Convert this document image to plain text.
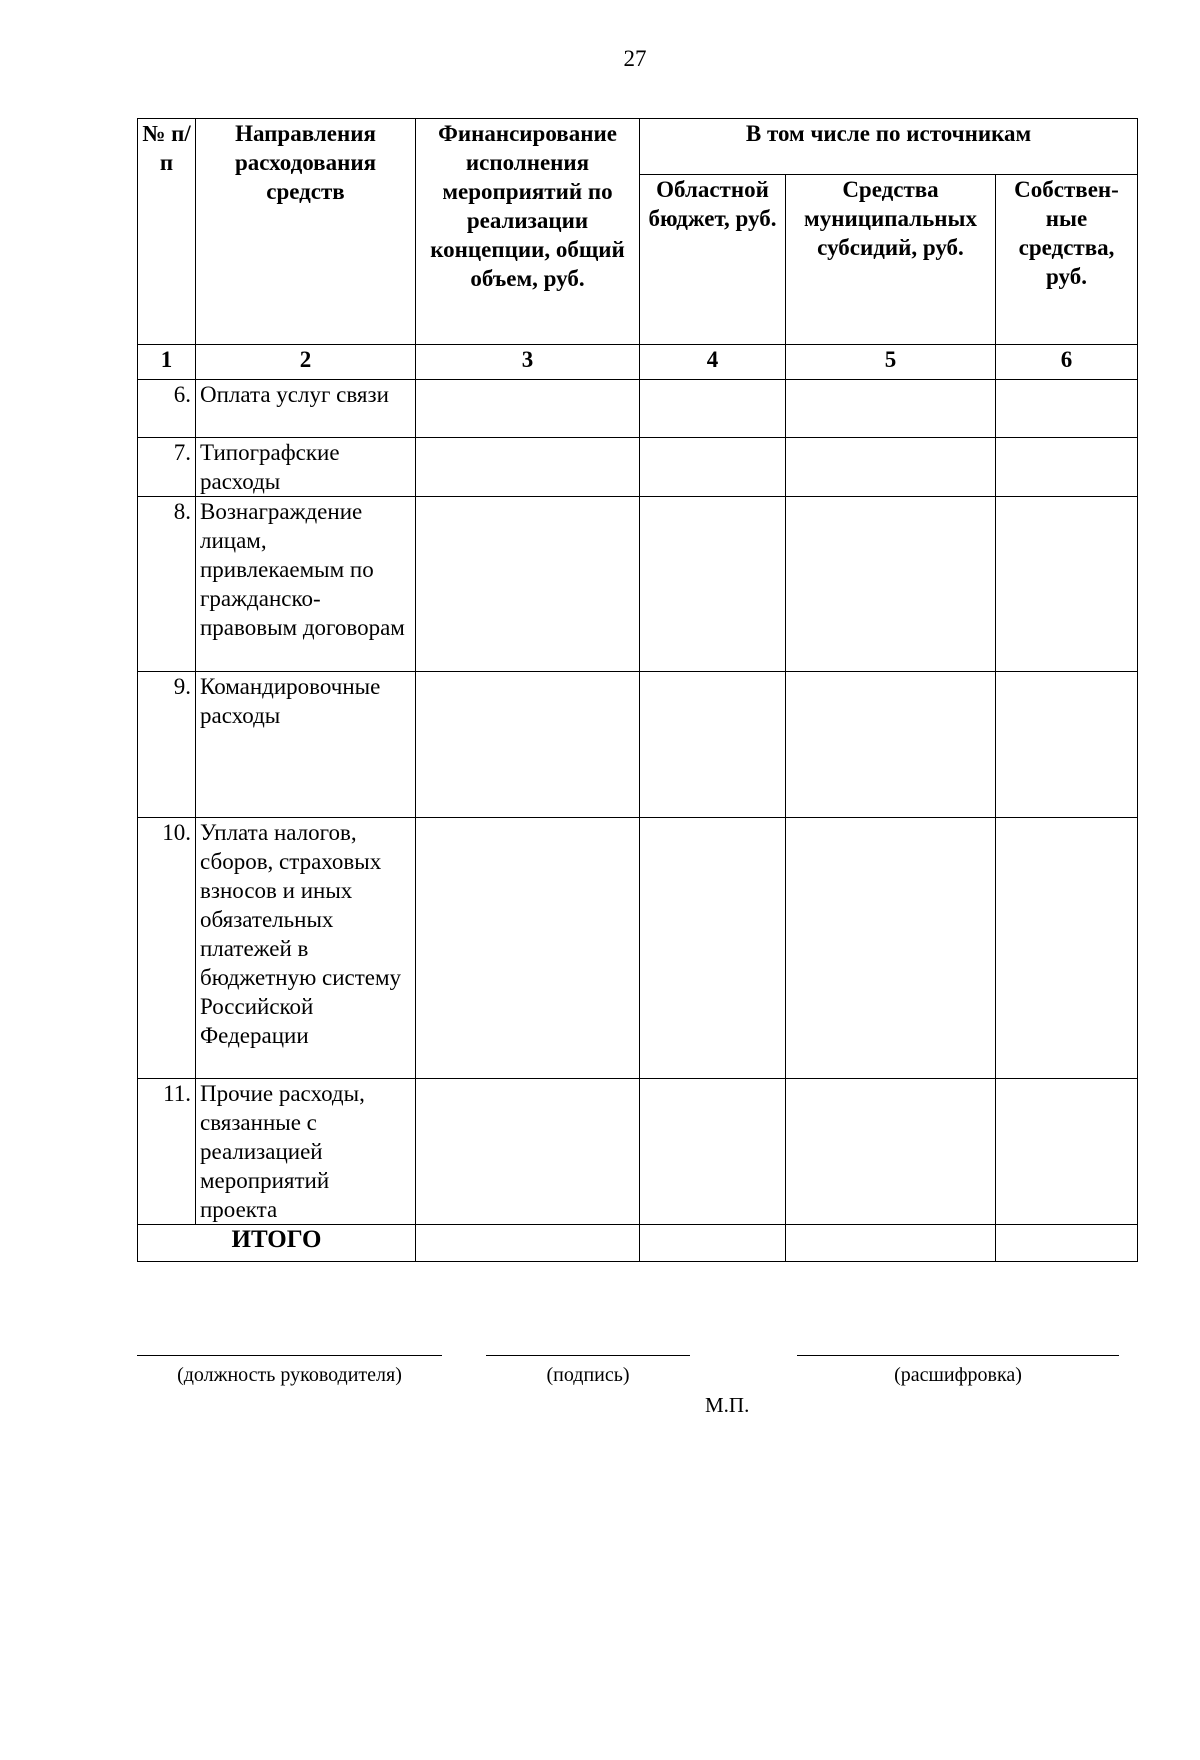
27
№ п/п	Направления расходования средств	Финансирование исполнения мероприятий по реализации концепции, общий объем, руб.	В том числе по источникам		
			Областной бюджет, руб.	Средства муниципальных субсидий, руб.	Собствен-ные средства, руб.
1	2	3	4	5	6
6.	Оплата услуг связи				
7.	Типографские расходы				
8.	Вознаграждение лицам, привлекаемым по гражданско-правовым договорам				
9.	Командировочные расходы				
10.	Уплата налогов, сборов, страховых взносов и иных обязательных платежей в бюджетную систему Российской Федерации				
11.	Прочие расходы, связанные с реализацией мероприятий проекта				
ИТОГО					
(должность руководителя)	(подпись)	(расшифровка)
М.П.
